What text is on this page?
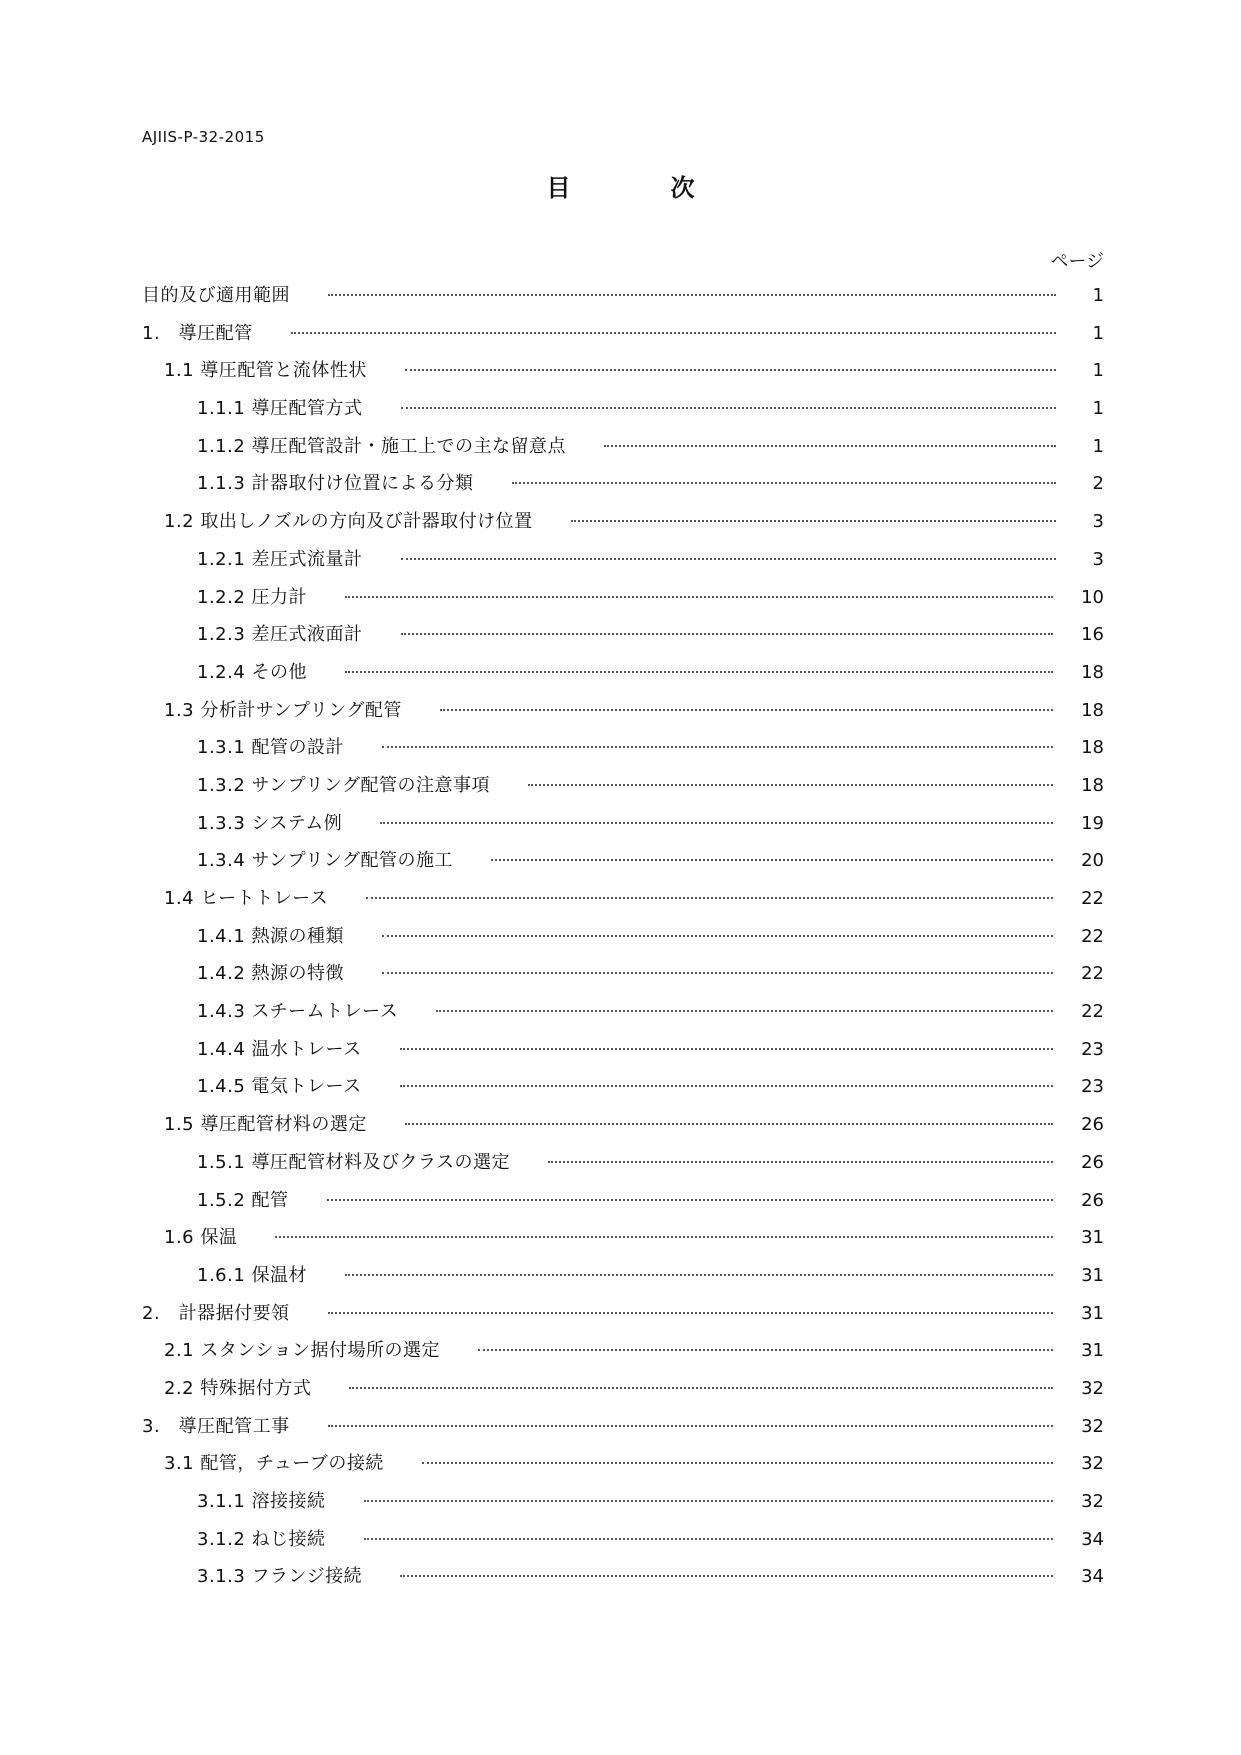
AJIIS-P-32-2015
目	次
ページ
目的及び適用範囲	1
1.　導圧配管	1
1.1 導圧配管と流体性状	1
1.1.1 導圧配管方式	1
1.1.2 導圧配管設計・施工上での主な留意点	1
1.1.3 計器取付け位置による分類	2
1.2 取出しノズルの方向及び計器取付け位置	3
1.2.1 差圧式流量計	3
1.2.2 圧力計	10
1.2.3 差圧式液面計	16
1.2.4 その他	18
1.3 分析計サンプリング配管	18
1.3.1 配管の設計	18
1.3.2 サンプリング配管の注意事項	18
1.3.3 システム例	19
1.3.4 サンプリング配管の施工	20
1.4 ヒートトレース	22
1.4.1 熱源の種類	22
1.4.2 熱源の特徴	22
1.4.3 スチームトレース	22
1.4.4 温水トレース	23
1.4.5 電気トレース	23
1.5 導圧配管材料の選定	26
1.5.1 導圧配管材料及びクラスの選定	26
1.5.2 配管	26
1.6 保温	31
1.6.1 保温材	31
2.　計器据付要領	31
2.1 スタンション据付場所の選定	31
2.2 特殊据付方式	32
3.　導圧配管工事	32
3.1 配管，チューブの接続	32
3.1.1 溶接接続	32
3.1.2 ねじ接続	34
3.1.3 フランジ接続	34
